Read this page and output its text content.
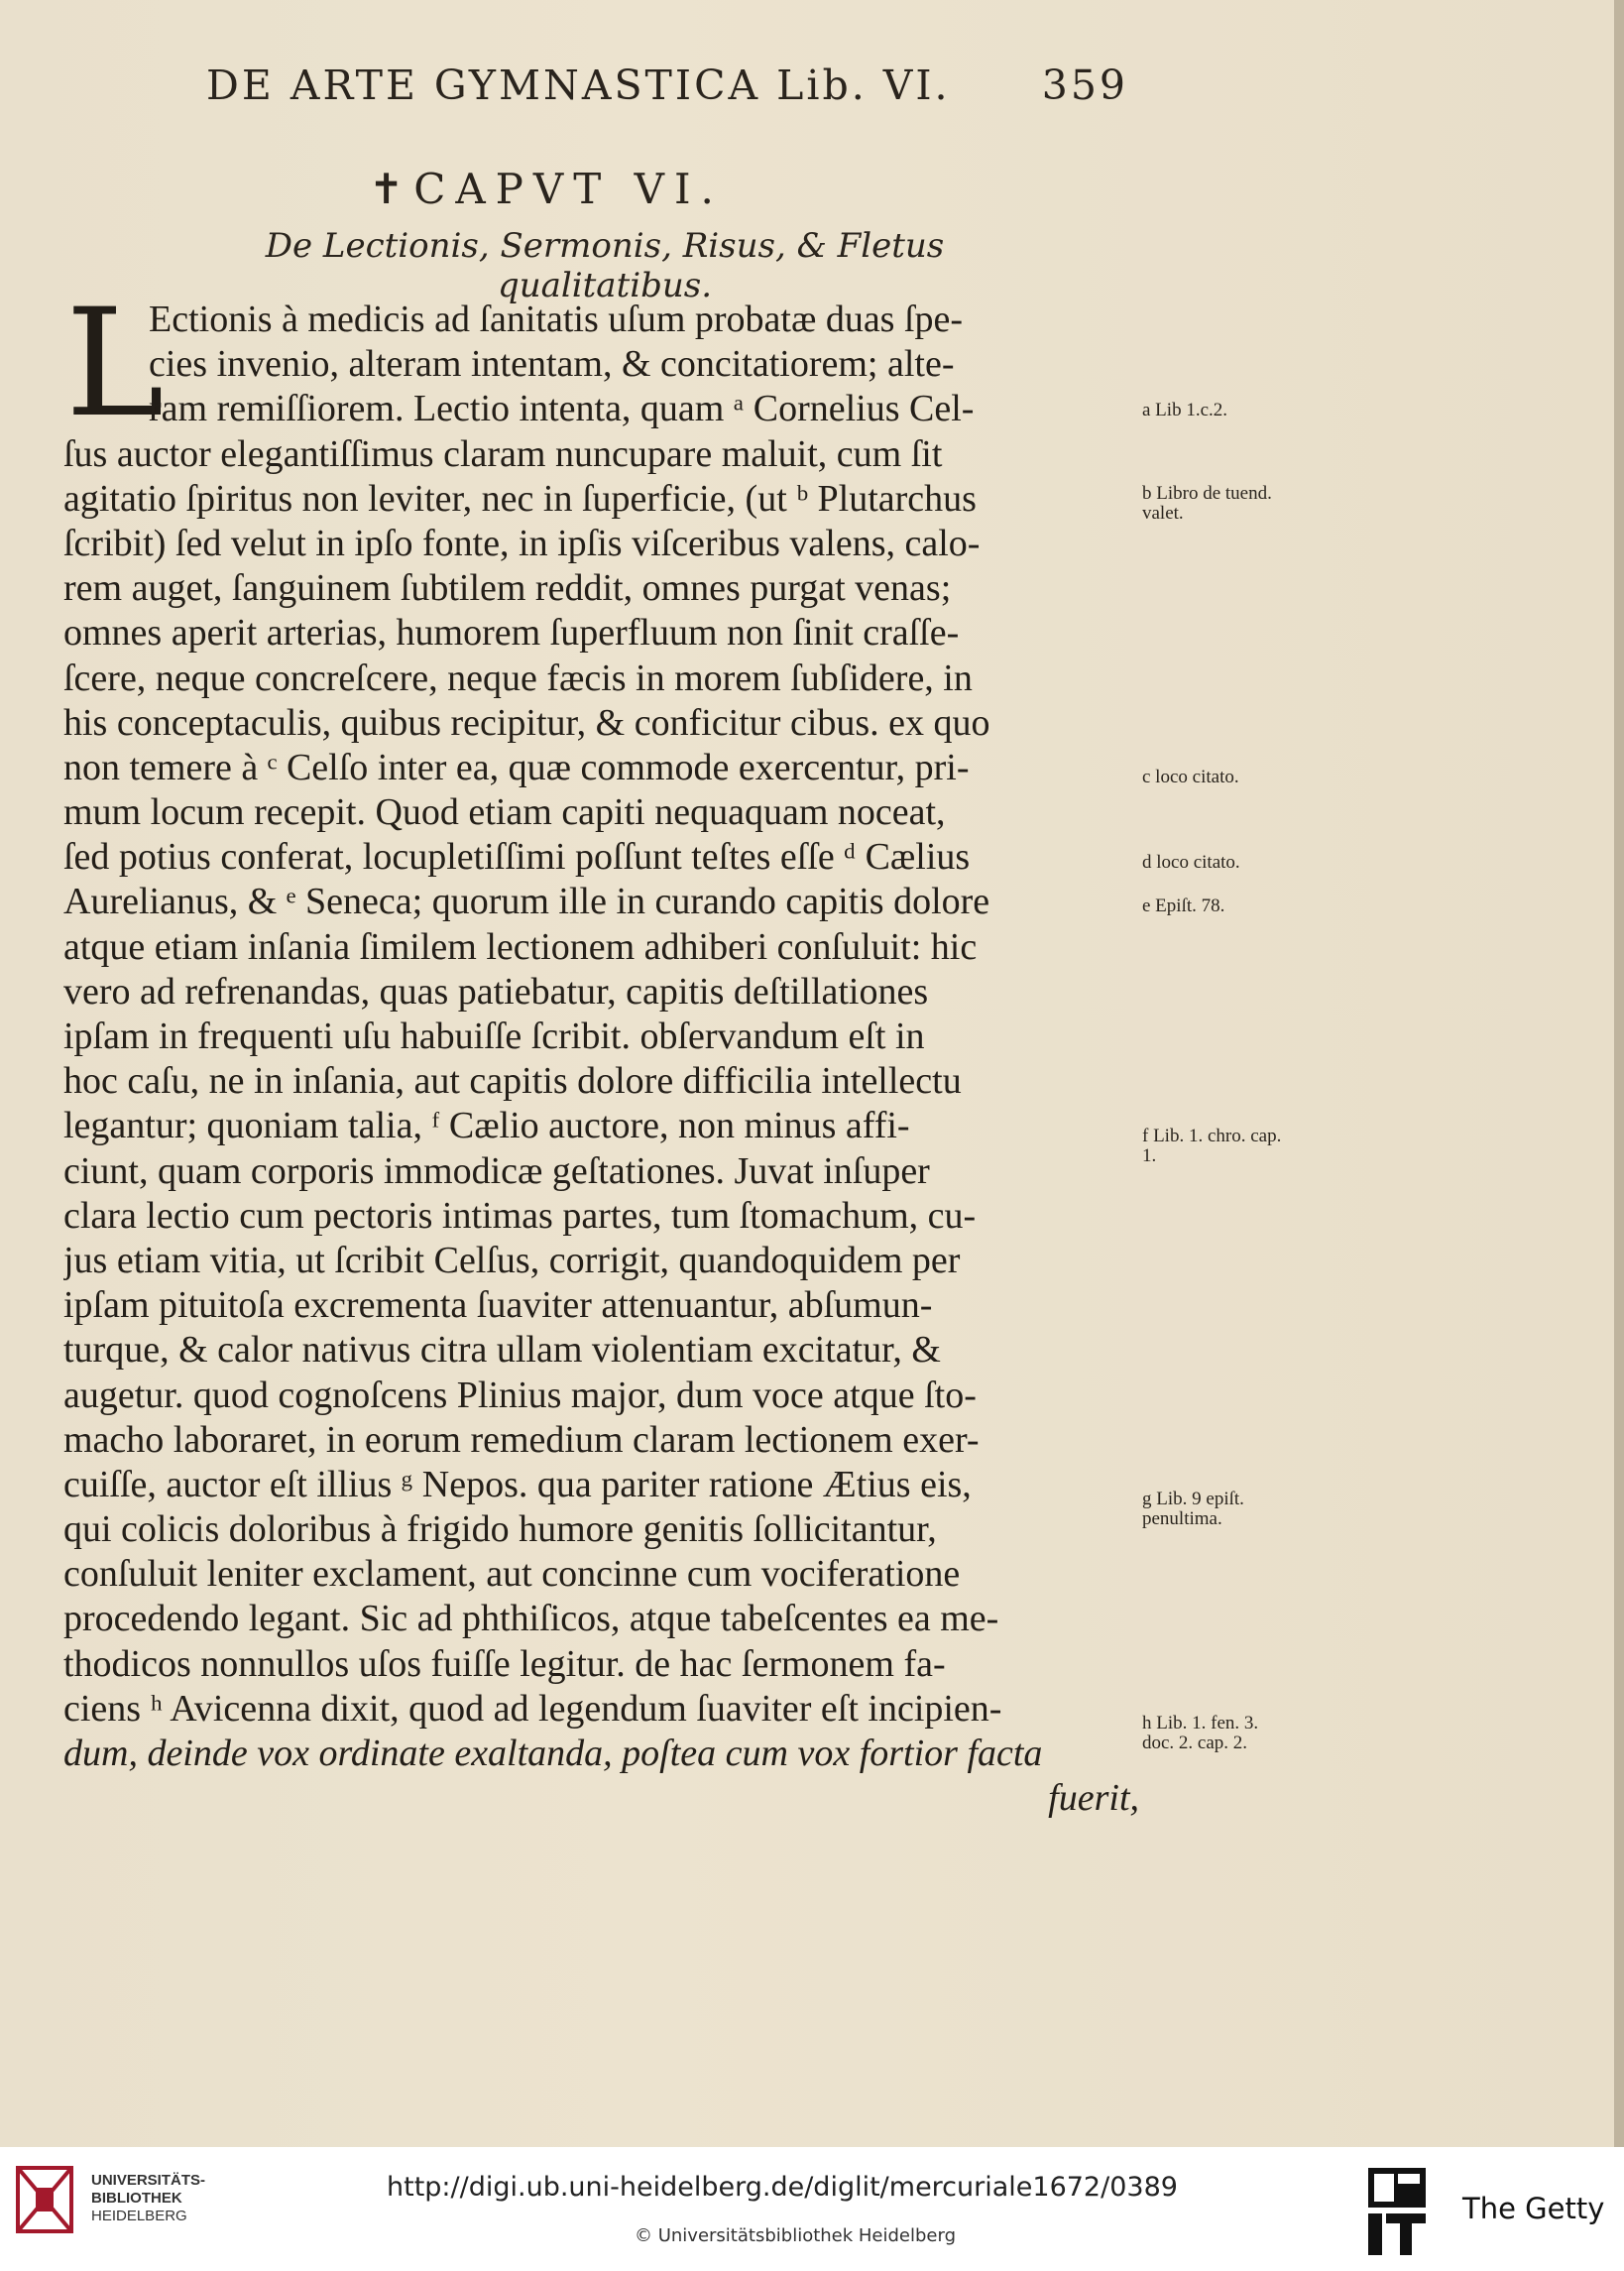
DE ARTE GYMNASTICA Lib. VI. 359
✝CAPVT VI.
De Lectionis, Sermonis, Risus, & Fletus qualitatibus.
L
Ectionis à medicis ad ſanitatis uſum probatæ duas ſpe-
cies invenio, alteram intentam, & concitatiorem; alte-
ram remiſſiorem. Lectio intenta, quam ᵃ Cornelius Cel-
ſus auctor elegantiſſimus claram nuncupare maluit, cum ſit
agitatio ſpiritus non leviter, nec in ſuperficie, (ut ᵇ Plutarchus
ſcribit) ſed velut in ipſo fonte, in ipſis viſceribus valens, calo-
rem auget, ſanguinem ſubtilem reddit, omnes purgat venas;
omnes aperit arterias, humorem ſuperfluum non ſinit craſſe-
ſcere, neque concreſcere, neque fæcis in morem ſubſidere, in
his conceptaculis, quibus recipitur, & conficitur cibus. ex quo
non temere à ᶜ Celſo inter ea, quæ commode exercentur, pri-
mum locum recepit. Quod etiam capiti nequaquam noceat,
ſed potius conferat, locupletiſſimi poſſunt teſtes eſſe ᵈ Cælius
Aurelianus, & ᵉ Seneca; quorum ille in curando capitis dolore
atque etiam inſania ſimilem lectionem adhiberi conſuluit: hic
vero ad refrenandas, quas patiebatur, capitis deſtillationes
ipſam in frequenti uſu habuiſſe ſcribit. obſervandum eſt in
hoc caſu, ne in inſania, aut capitis dolore difficilia intellectu
legantur; quoniam talia, ᶠ Cælio auctore, non minus affi-
ciunt, quam corporis immodicæ geſtationes. Juvat inſuper
clara lectio cum pectoris intimas partes, tum ſtomachum, cu-
jus etiam vitia, ut ſcribit Celſus, corrigit, quandoquidem per
ipſam pituitoſa excrementa ſuaviter attenuantur, abſumun-
turque, & calor nativus citra ullam violentiam excitatur, &
augetur. quod cognoſcens Plinius major, dum voce atque ſto-
macho laboraret, in eorum remedium claram lectionem exer-
cuiſſe, auctor eſt illius ᵍ Nepos. qua pariter ratione Ætius eis,
qui colicis doloribus à frigido humore genitis ſollicitantur,
conſuluit leniter exclament, aut concinne cum vociferatione
procedendo legant. Sic ad phthiſicos, atque tabeſcentes ea me-
thodicos nonnullos uſos fuiſſe legitur. de hac ſermonem fa-
ciens ʰ Avicenna dixit, quod ad legendum ſuaviter eſt incipien-
dum, deinde vox ordinate exaltanda, poſtea cum vox fortior facta
fuerit,
a Lib 1.c.2.
b Libro de tuend. valet.
c loco citato.
d loco citato.
e Epiſt. 78.
f Lib. 1. chro. cap. 1.
g Lib. 9 epiſt. penultima.
h Lib. 1. fen. 3. doc. 2. cap. 2.
UNIVERSITÄTS-
BIBLIOTHEK
HEIDELBERG
http://digi.ub.uni-heidelberg.de/diglit/mercuriale1672/0389
© Universitätsbibliothek Heidelberg
The Getty
